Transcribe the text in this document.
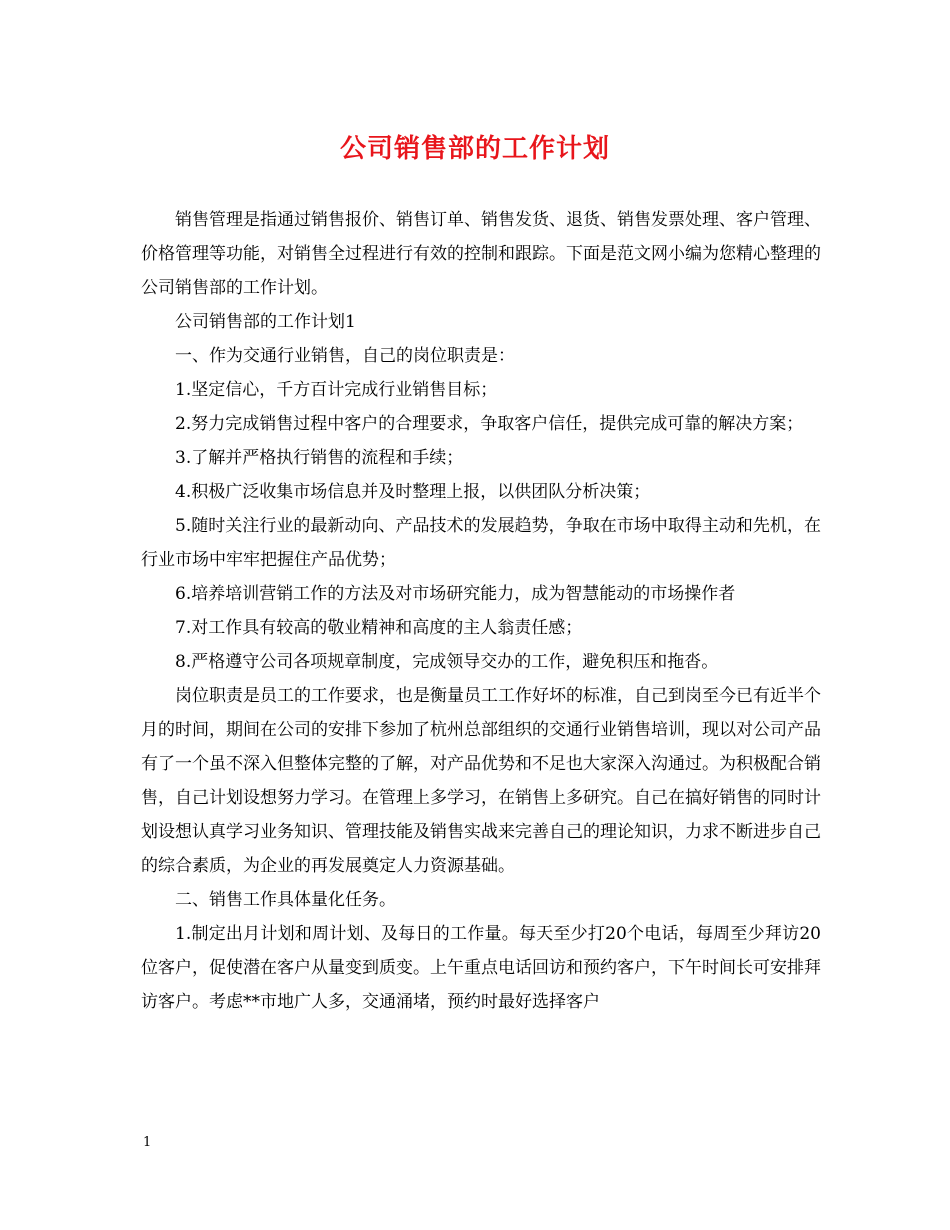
公司销售部的工作计划

销售管理是指通过销售报价、销售订单、销售发货、退货、销售发票处理、客户管理、价格管理等功能，对销售全过程进行有效的控制和跟踪。下面是范文网小编为您精心整理的公司销售部的工作计划。

公司销售部的工作计划1

一、作为交通行业销售，自己的岗位职责是：

1.坚定信心，千方百计完成行业销售目标；

2.努力完成销售过程中客户的合理要求，争取客户信任，提供完成可靠的解决方案；

3.了解并严格执行销售的流程和手续；

4.积极广泛收集市场信息并及时整理上报，以供团队分析决策；

5.随时关注行业的最新动向、产品技术的发展趋势，争取在市场中取得主动和先机，在行业市场中牢牢把握住产品优势；

6.培养培训营销工作的方法及对市场研究能力，成为智慧能动的市场操作者

7.对工作具有较高的敬业精神和高度的主人翁责任感；

8.严格遵守公司各项规章制度，完成领导交办的工作，避免积压和拖沓。

岗位职责是员工的工作要求，也是衡量员工工作好坏的标准，自己到岗至今已有近半个月的时间，期间在公司的安排下参加了杭州总部组织的交通行业销售培训，现以对公司产品有了一个虽不深入但整体完整的了解，对产品优势和不足也大家深入沟通过。为积极配合销售，自己计划设想努力学习。在管理上多学习，在销售上多研究。自己在搞好销售的同时计划设想认真学习业务知识、管理技能及销售实战来完善自己的理论知识，力求不断进步自己的综合素质，为企业的再发展奠定人力资源基础。

二、销售工作具体量化任务。

1.制定出月计划和周计划、及每日的工作量。每天至少打20个电话，每周至少拜访20位客户，促使潜在客户从量变到质变。上午重点电话回访和预约客户，下午时间长可安排拜访客户。考虑**市地广人多，交通涌堵，预约时最好选择客户

1
